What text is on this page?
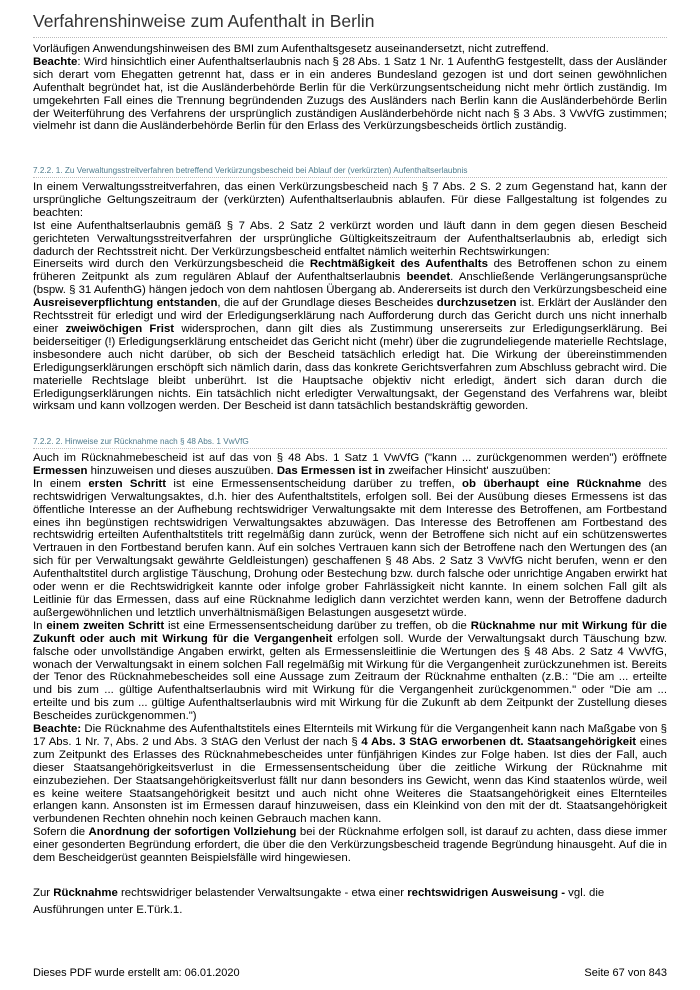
Verfahrenshinweise zum Aufenthalt in Berlin

Vorläufigen Anwendungshinweisen des BMI zum Aufenthaltsgesetz auseinandersetzt, nicht zutreffend.

Beachte: Wird hinsichtlich einer Aufenthaltserlaubnis nach § 28 Abs. 1 Satz 1 Nr. 1 AufenthG festgestellt, dass der Ausländer sich derart vom Ehegatten getrennt hat, dass er in ein anderes Bundesland gezogen ist und dort seinen gewöhnlichen Aufenthalt begründet hat, ist die Ausländerbehörde Berlin für die Verkürzungsentscheidung nicht mehr örtlich zuständig. Im umgekehrten Fall eines die Trennung begründenden Zuzugs des Ausländers nach Berlin kann die Ausländerbehörde Berlin der Weiterführung des Verfahrens der ursprünglich zuständigen Ausländerbehörde nicht nach § 3 Abs. 3 VwVfG zustimmen; vielmehr ist dann die Ausländerbehörde Berlin für den Erlass des Verkürzungsbescheids örtlich zuständig.

7.2.2. 1. Zu Verwaltungsstreitverfahren betreffend Verkürzungsbescheid bei Ablauf der (verkürzten) Aufenthaltserlaubnis

In einem Verwaltungsstreitverfahren, das einen Verkürzungsbescheid nach § 7 Abs. 2 S. 2 zum Gegenstand hat, kann der ursprüngliche Geltungszeitraum der (verkürzten) Aufenthaltserlaubnis ablaufen. Für diese Fallgestaltung ist folgendes zu beachten:

Ist eine Aufenthaltserlaubnis gemäß § 7 Abs. 2 Satz 2 verkürzt worden und läuft dann in dem gegen diesen Bescheid gerichteten Verwaltungsstreitverfahren der ursprüngliche Gültigkeitszeitraum der Aufenthaltserlaubnis ab, erledigt sich dadurch der Rechtsstreit nicht. Der Verkürzungsbescheid entfaltet nämlich weiterhin Rechtswirkungen:

Einerseits wird durch den Verkürzungsbescheid die Rechtmäßigkeit des Aufenthalts des Betroffenen schon zu einem früheren Zeitpunkt als zum regulären Ablauf der Aufenthaltserlaubnis beendet. Anschließende Verlängerungsansprüche (bspw. § 31 AufenthG) hängen jedoch von dem nahtlosen Übergang ab. Andererseits ist durch den Verkürzungsbescheid eine Ausreiseverpflichtung entstanden, die auf der Grundlage dieses Bescheides durchzusetzen ist. Erklärt der Ausländer den Rechtsstreit für erledigt und wird der Erledigungserklärung nach Aufforderung durch das Gericht durch uns nicht innerhalb einer zweiwöchigen Frist widersprochen, dann gilt dies als Zustimmung unsererseits zur Erledigungserklärung. Bei beiderseitiger (!) Erledigungserklärung entscheidet das Gericht nicht (mehr) über die zugrundeliegende materielle Rechtslage, insbesondere auch nicht darüber, ob sich der Bescheid tatsächlich erledigt hat. Die Wirkung der übereinstimmenden Erledigungserklärungen erschöpft sich nämlich darin, dass das konkrete Gerichtsverfahren zum Abschluss gebracht wird. Die materielle Rechtslage bleibt unberührt. Ist die Hauptsache objektiv nicht erledigt, ändert sich daran durch die Erledigungserklärungen nichts. Ein tatsächlich nicht erledigter Verwaltungsakt, der Gegenstand des Verfahrens war, bleibt wirksam und kann vollzogen werden. Der Bescheid ist dann tatsächlich bestandskräftig geworden.

7.2.2. 2. Hinweise zur Rücknahme nach § 48 Abs. 1 VwVfG

Auch im Rücknahmebescheid ist auf das von § 48 Abs. 1 Satz 1 VwVfG ("kann ... zurückgenommen werden") eröffnete Ermessen hinzuweisen und dieses auszuüben. Das Ermessen ist in zweifacher Hinsicht' auszuüben:

In einem ersten Schritt ist eine Ermessensentscheidung darüber zu treffen, ob überhaupt eine Rücknahme des rechtswidrigen Verwaltungsaktes, d.h. hier des Aufenthaltstitels, erfolgen soll. Bei der Ausübung dieses Ermessens ist das öffentliche Interesse an der Aufhebung rechtswidriger Verwaltungsakte mit dem Interesse des Betroffenen, am Fortbestand eines ihn begünstigen rechtswidrigen Verwaltungsaktes abzuwägen. Das Interesse des Betroffenen am Fortbestand des rechtswidrig erteilten Aufenthaltstitels tritt regelmäßig dann zurück, wenn der Betroffene sich nicht auf ein schützenswertes Vertrauen in den Fortbestand berufen kann. Auf ein solches Vertrauen kann sich der Betroffene nach den Wertungen des (an sich für per Verwaltungsakt gewährte Geldleistungen) geschaffenen § 48 Abs. 2 Satz 3 VwVfG nicht berufen, wenn er den Aufenthaltstitel durch arglistige Täuschung, Drohung oder Bestechung bzw. durch falsche oder unrichtige Angaben erwirkt hat oder wenn er die Rechtswidrigkeit kannte oder infolge grober Fahrlässigkeit nicht kannte. In einem solchen Fall gilt als Leitlinie für das Ermessen, dass auf eine Rücknahme lediglich dann verzichtet werden kann, wenn der Betroffene dadurch außergewöhnlichen und letztlich unverhältnismäßigen Belastungen ausgesetzt würde.

In einem zweiten Schritt ist eine Ermessensentscheidung darüber zu treffen, ob die Rücknahme nur mit Wirkung für die Zukunft oder auch mit Wirkung für die Vergangenheit erfolgen soll. Wurde der Verwaltungsakt durch Täuschung bzw. falsche oder unvollständige Angaben erwirkt, gelten als Ermessensleitlinie die Wertungen des § 48 Abs. 2 Satz 4 VwVfG, wonach der Verwaltungsakt in einem solchen Fall regelmäßig mit Wirkung für die Vergangenheit zurückzunehmen ist. Bereits der Tenor des Rücknahmebescheides soll eine Aussage zum Zeitraum der Rücknahme enthalten (z.B.: "Die am ... erteilte und bis zum ... gültige Aufenthaltserlaubnis wird mit Wirkung für die Vergangenheit zurückgenommen." oder "Die am ... erteilte und bis zum ... gültige Aufenthaltserlaubnis wird mit Wirkung für die Zukunft ab dem Zeitpunkt der Zustellung dieses Bescheides zurückgenommen.")

Beachte: Die Rücknahme des Aufenthaltstitels eines Elternteils mit Wirkung für die Vergangenheit kann nach Maßgabe von § 17 Abs. 1 Nr. 7, Abs. 2 und Abs. 3 StAG den Verlust der nach § 4 Abs. 3 StAG erworbenen dt. Staatsangehörigkeit eines zum Zeitpunkt des Erlasses des Rücknahmebescheides unter fünfjährigen Kindes zur Folge haben. Ist dies der Fall, auch dieser Staatsangehörigkeitsverlust in die Ermessensentscheidung über die zeitliche Wirkung der Rücknahme mit einzubeziehen. Der Staatsangehörigkeitsverlust fällt nur dann besonders ins Gewicht, wenn das Kind staatenlos würde, weil es keine weitere Staatsangehörigkeit besitzt und auch nicht ohne Weiteres die Staatsangehörigkeit eines Elternteiles erlangen kann. Ansonsten ist im Ermessen darauf hinzuweisen, dass ein Kleinkind von den mit der dt. Staatsangehörigkeit verbundenen Rechten ohnehin noch keinen Gebrauch machen kann.

Sofern die Anordnung der sofortigen Vollziehung bei der Rücknahme erfolgen soll, ist darauf zu achten, dass diese immer einer gesonderten Begründung erfordert, die über die den Verkürzungsbescheid tragende Begründung hinausgeht. Auf die in dem Bescheidgerüst geannten Beispielsfälle wird hingewiesen.

Zur Rücknahme rechtswidriger belastender Verwaltsungakte - etwa einer rechtswidrigen Ausweisung - vgl. die Ausführungen unter E.Türk.1.
Dieses PDF wurde erstellt am: 06.01.2020	Seite 67 von 843
